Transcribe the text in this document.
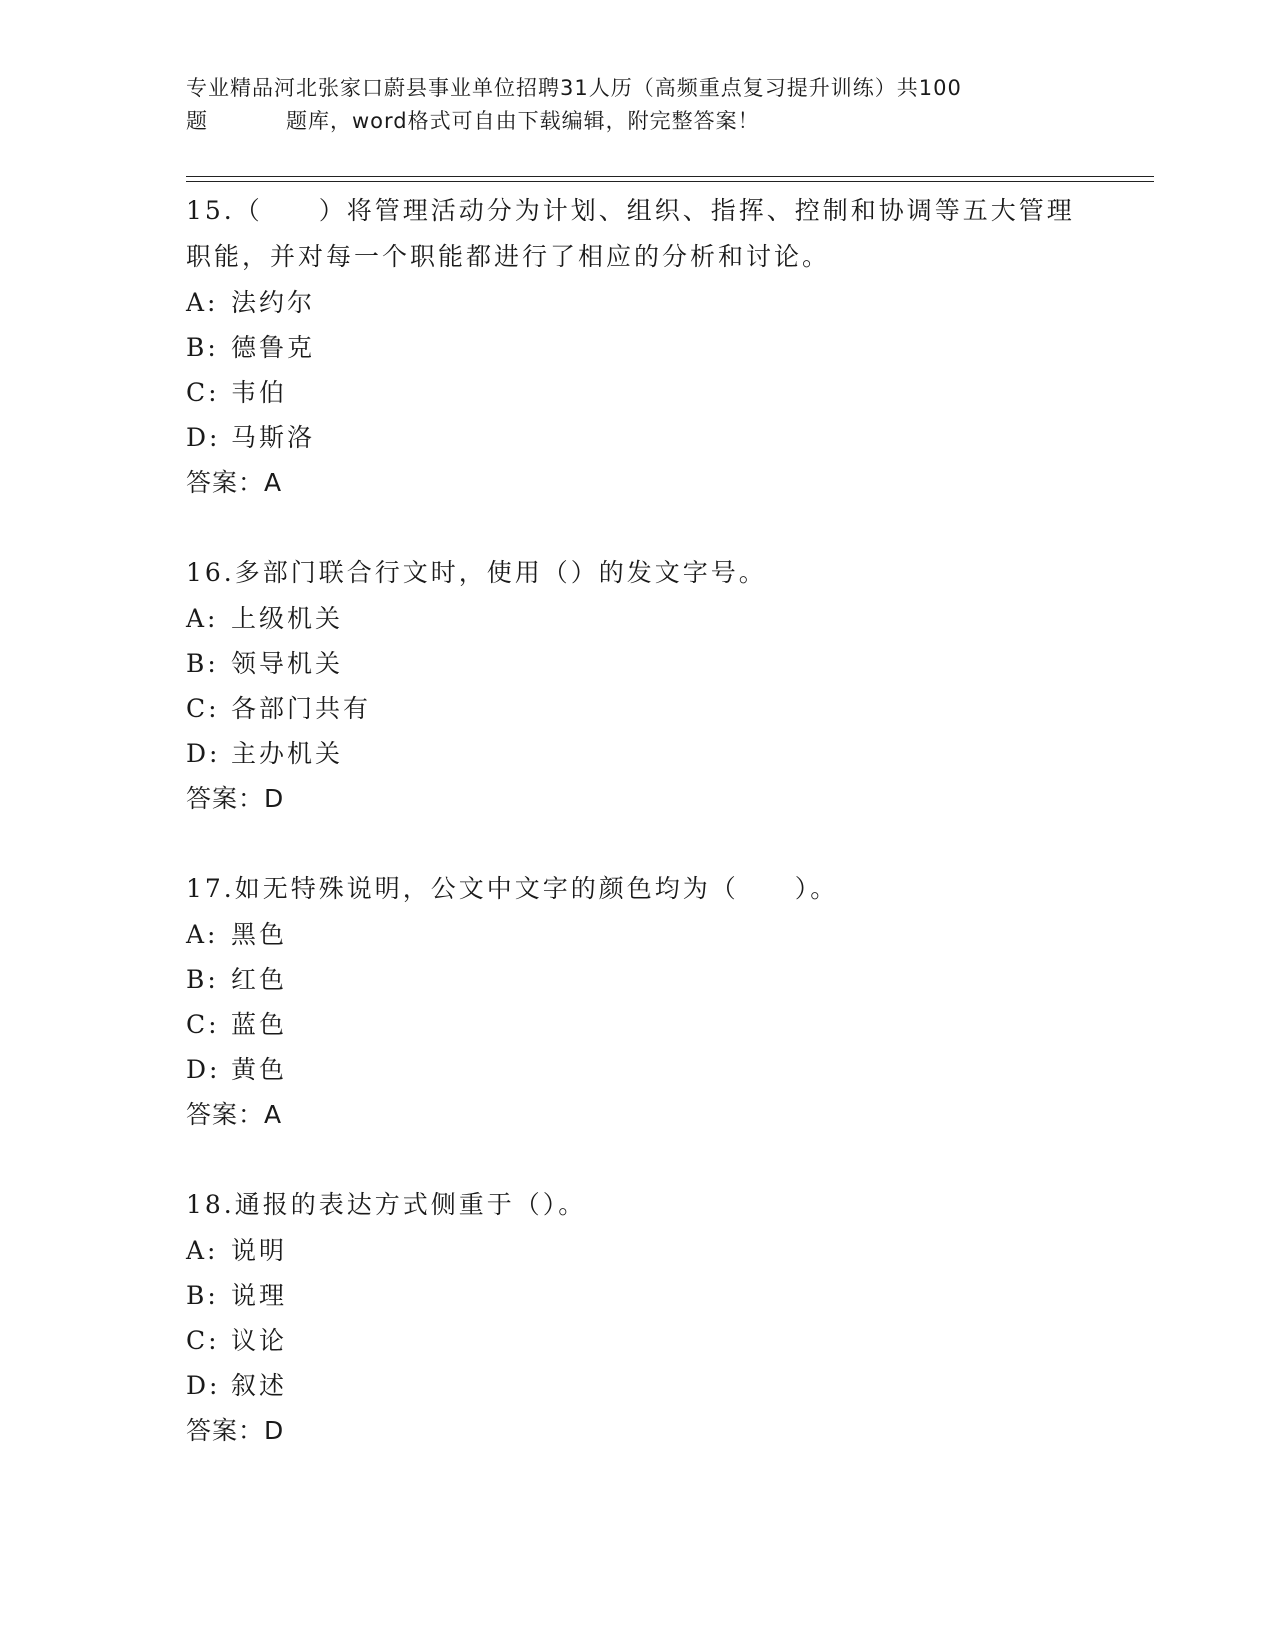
专业精品河北张家口蔚县事业单位招聘31人历（高频重点复习提升训练）共100
题	题库，word格式可自由下载编辑，附完整答案！

15.（　　）将管理活动分为计划、组织、指挥、控制和协调等五大管理职能，并对每一个职能都进行了相应的分析和讨论。

A: 法约尔

B: 德鲁克

C: 韦伯

D: 马斯洛

答案：A

16.多部门联合行文时，使用（）的发文字号。

A: 上级机关

B: 领导机关

C: 各部门共有

D: 主办机关

答案：D

17.如无特殊说明，公文中文字的颜色均为（　　）。

A: 黑色

B: 红色

C: 蓝色

D: 黄色

答案：A

18.通报的表达方式侧重于（）。

A: 说明

B: 说理

C: 议论

D: 叙述

答案：D
